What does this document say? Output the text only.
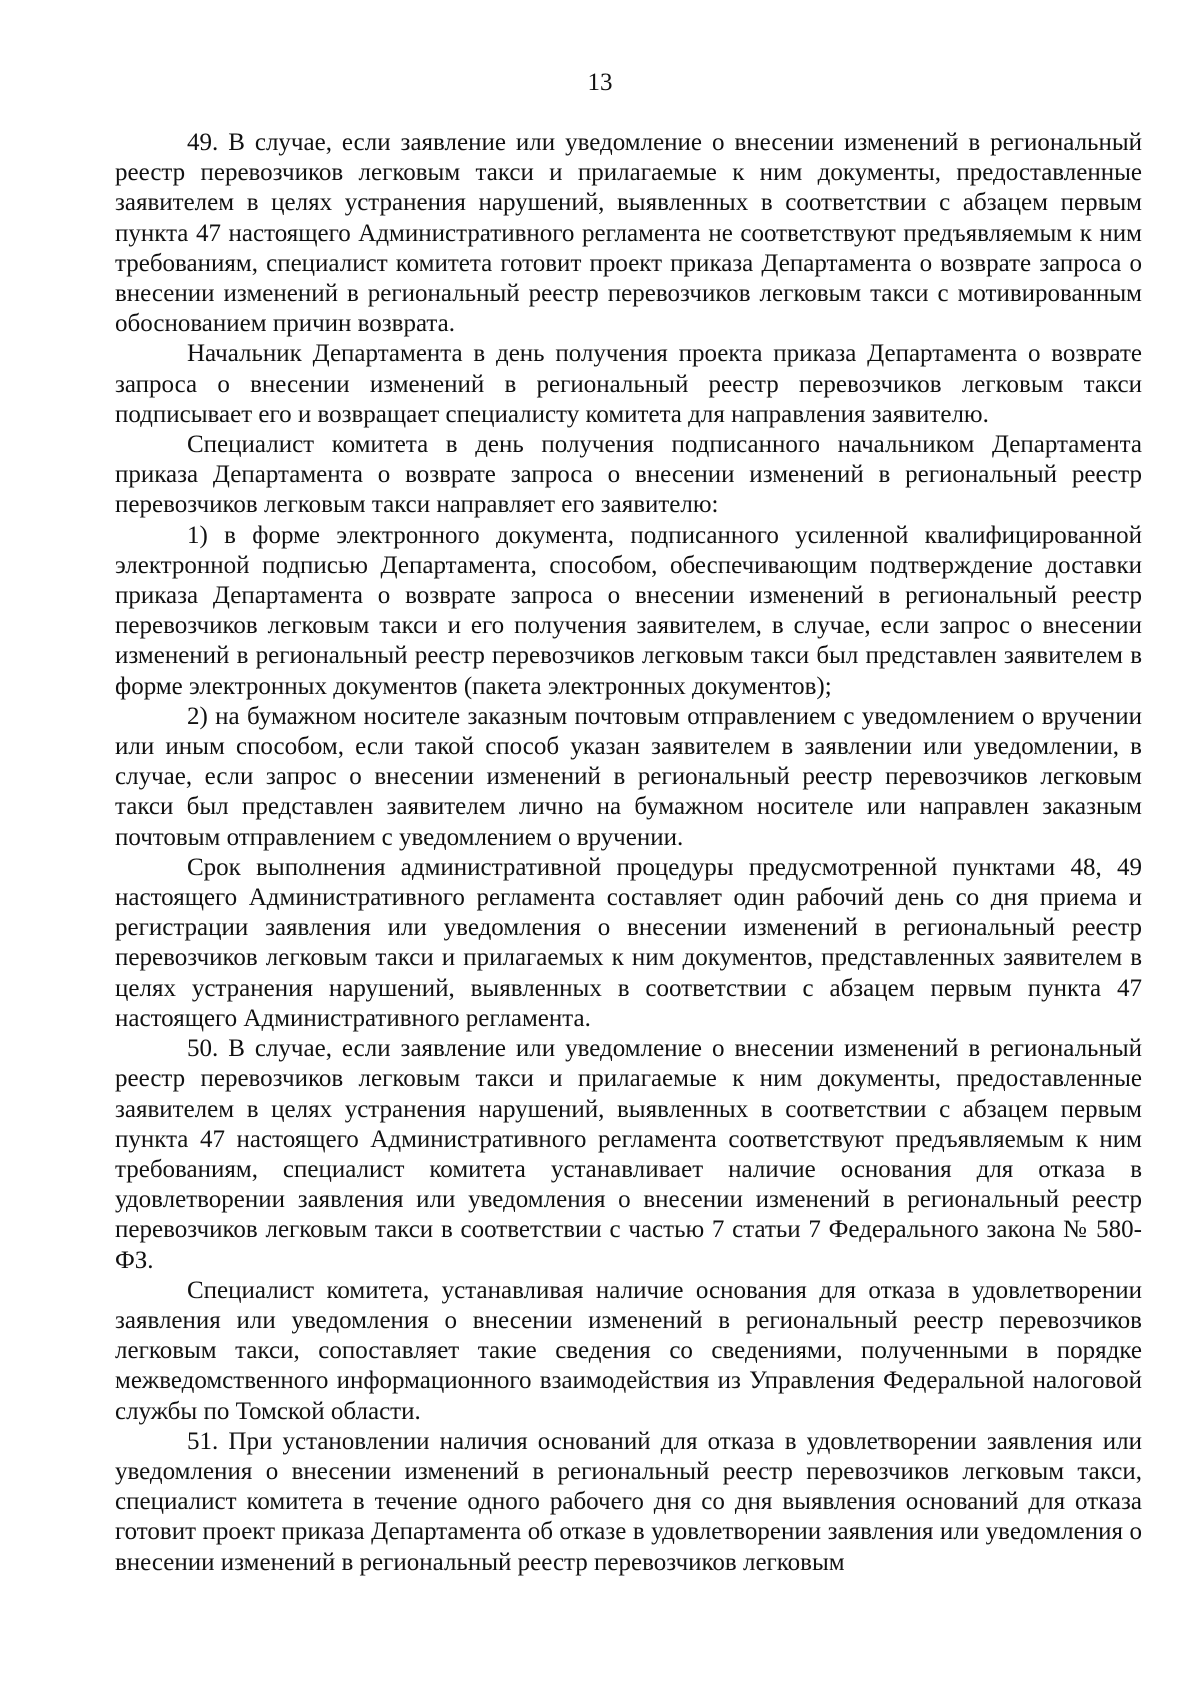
13

49. В случае, если заявление или уведомление о внесении изменений в региональный реестр перевозчиков легковым такси и прилагаемые к ним документы, предоставленные заявителем в целях устранения нарушений, выявленных в соответствии с абзацем первым пункта 47 настоящего Административного регламента не соответствуют предъявляемым к ним требованиям, специалист комитета готовит проект приказа Департамента о возврате запроса о внесении изменений в региональный реестр перевозчиков легковым такси с мотивированным обоснованием причин возврата.

Начальник Департамента в день получения проекта приказа Департамента о возврате запроса о внесении изменений в региональный реестр перевозчиков легковым такси подписывает его и возвращает специалисту комитета для направления заявителю.

Специалист комитета в день получения подписанного начальником Департамента приказа Департамента о возврате запроса о внесении изменений в региональный реестр перевозчиков легковым такси направляет его заявителю:

1) в форме электронного документа, подписанного усиленной квалифицированной электронной подписью Департамента, способом, обеспечивающим подтверждение доставки приказа Департамента о возврате запроса о внесении изменений в региональный реестр перевозчиков легковым такси и его получения заявителем, в случае, если запрос о внесении изменений в региональный реестр перевозчиков легковым такси был представлен заявителем в форме электронных документов (пакета электронных документов);

2) на бумажном носителе заказным почтовым отправлением с уведомлением о вручении или иным способом, если такой способ указан заявителем в заявлении или уведомлении, в случае, если запрос о внесении изменений в региональный реестр перевозчиков легковым такси был представлен заявителем лично на бумажном носителе или направлен заказным почтовым отправлением с уведомлением о вручении.

Срок выполнения административной процедуры предусмотренной пунктами 48, 49 настоящего Административного регламента составляет один рабочий день со дня приема и регистрации заявления или уведомления о внесении изменений в региональный реестр перевозчиков легковым такси и прилагаемых к ним документов, представленных заявителем в целях устранения нарушений, выявленных в соответствии с абзацем первым пункта 47 настоящего Административного регламента.

50. В случае, если заявление или уведомление о внесении изменений в региональный реестр перевозчиков легковым такси и прилагаемые к ним документы, предоставленные заявителем в целях устранения нарушений, выявленных в соответствии с абзацем первым пункта 47 настоящего Административного регламента соответствуют предъявляемым к ним требованиям, специалист комитета устанавливает наличие основания для отказа в удовлетворении заявления или уведомления о внесении изменений в региональный реестр перевозчиков легковым такси в соответствии с частью 7 статьи 7 Федерального закона № 580-ФЗ.

Специалист комитета, устанавливая наличие основания для отказа в удовлетворении заявления или уведомления о внесении изменений в региональный реестр перевозчиков легковым такси, сопоставляет такие сведения со сведениями, полученными в порядке межведомственного информационного взаимодействия из Управления Федеральной налоговой службы по Томской области.

51. При установлении наличия оснований для отказа в удовлетворении заявления или уведомления о внесении изменений в региональный реестр перевозчиков легковым такси, специалист комитета в течение одного рабочего дня со дня выявления оснований для отказа готовит проект приказа Департамента об отказе в удовлетворении заявления или уведомления о внесении изменений в региональный реестр перевозчиков легковым
